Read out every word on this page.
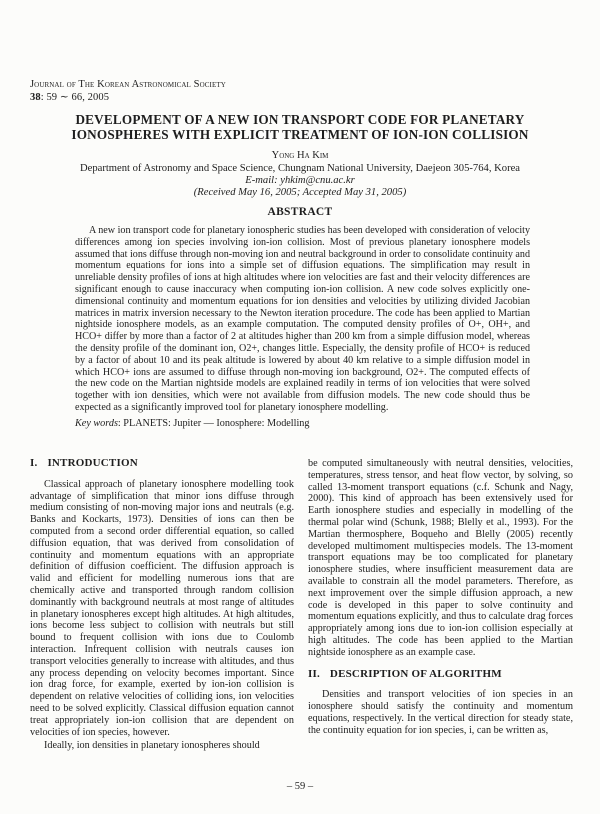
Journal of The Korean Astronomical Society
38: 59 ∼ 66, 2005
DEVELOPMENT OF A NEW ION TRANSPORT CODE FOR PLANETARY
IONOSPHERES WITH EXPLICIT TREATMENT OF ION-ION COLLISION
Yong Ha Kim
Department of Astronomy and Space Science, Chungnam National University, Daejeon 305-764, Korea
E-mail: yhkim@cnu.ac.kr
(Received May 16, 2005; Accepted May 31, 2005)
ABSTRACT
A new ion transport code for planetary ionospheric studies has been developed with consideration of velocity differences among ion species involving ion-ion collision. Most of previous planetary ionosphere models assumed that ions diffuse through non-moving ion and neutral background in order to consolidate continuity and momentum equations for ions into a simple set of diffusion equations. The simplification may result in unreliable density profiles of ions at high altitudes where ion velocities are fast and their velocity differences are significant enough to cause inaccuracy when computing ion-ion collision. A new code solves explicitly one-dimensional continuity and momentum equations for ion densities and velocities by utilizing divided Jacobian matrices in matrix inversion necessary to the Newton iteration procedure. The code has been applied to Martian nightside ionosphere models, as an example computation. The computed density profiles of O+, OH+, and HCO+ differ by more than a factor of 2 at altitudes higher than 200 km from a simple diffusion model, whereas the density profile of the dominant ion, O2+, changes little. Especially, the density profile of HCO+ is reduced by a factor of about 10 and its peak altitude is lowered by about 40 km relative to a simple diffusion model in which HCO+ ions are assumed to diffuse through non-moving ion background, O2+. The computed effects of the new code on the Martian nightside models are explained readily in terms of ion velocities that were solved together with ion densities, which were not available from diffusion models. The new code should thus be expected as a significantly improved tool for planetary ionosphere modelling.
Key words: PLANETS: Jupiter — Ionosphere: Modelling
I. INTRODUCTION

Classical approach of planetary ionosphere modelling took advantage of simplification that minor ions diffuse through medium consisting of non-moving major ions and neutrals (e.g. Banks and Kockarts, 1973). Densities of ions can then be computed from a second order differential equation, so called diffusion equation, that was derived from consolidation of continuity and momentum equations with an appropriate definition of diffusion coefficient. The diffusion approach is valid and efficient for modelling numerous ions that are chemically active and transported through random collision dominantly with background neutrals at most range of altitudes in planetary ionospheres except high altitudes. At high altitudes, ions become less subject to collision with neutrals but still bound to frequent collision with ions due to Coulomb interaction. Infrequent collision with neutrals causes ion transport velocities generally to increase with altitudes, and thus any process depending on velocity becomes important. Since ion drag force, for example, exerted by ion-ion collision is dependent on relative velocities of colliding ions, ion velocities need to be solved explicitly. Classical diffusion equation cannot treat appropriately ion-ion collision that are dependent on velocities of ion species, however.

Ideally, ion densities in planetary ionospheres should

be computed simultaneously with neutral densities, velocities, temperatures, stress tensor, and heat flow vector, by solving, so called 13-moment transport equations (c.f. Schunk and Nagy, 2000). This kind of approach has been extensively used for Earth ionosphere studies and especially in modelling of the thermal polar wind (Schunk, 1988; Blelly et al., 1993). For the Martian thermosphere, Boqueho and Blelly (2005) recently developed multimoment multispecies models. The 13-moment transport equations may be too complicated for planetary ionosphere studies, where insufficient measurement data are available to constrain all the model parameters. Therefore, as next improvement over the simple diffusion approach, a new code is developed in this paper to solve continuity and momentum equations explicitly, and thus to calculate drag forces appropriately among ions due to ion-ion collision especially at high altitudes. The code has been applied to the Martian nightside ionosphere as an example case.

II. DESCRIPTION OF ALGORITHM

Densities and transport velocities of ion species in an ionosphere should satisfy the continuity and momentum equations, respectively. In the vertical direction for steady state, the continuity equation for ion species, i, can be written as,

– 59 –
